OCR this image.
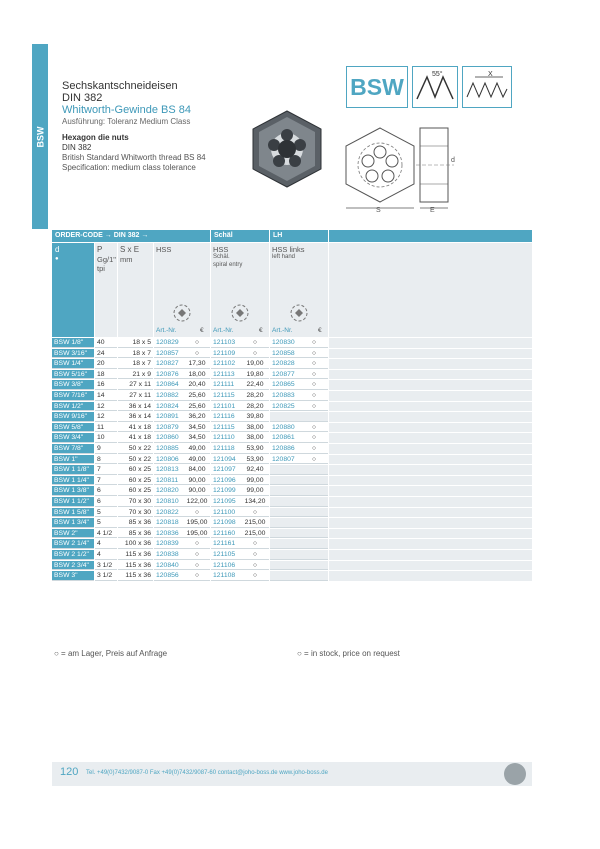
BSW
Sechskantschneideisen
DIN 382
Whitworth-Gewinde BS 84
Ausführung: Toleranz Medium Class
Hexagon die nuts
DIN 382
British Standard Whitworth thread BS 84
Specification: medium class tolerance
BSW	55°	X
S
d
E
ORDER-CODE → DIN 382 →	Schäl	LH
d
●
P
Gg/1"
tpi
S x E
mm
HSS
Art.-Nr.	€
HSS
Schäl.
spiral entry
Art.-Nr.	€
HSS links
left hand
Art.-Nr.	€
BSW 1/8"	40	18 x 5 120829	○	121103	○	120830	○
BSW 3/16"	24	18 x 7 120857	○	121109	○	120858	○
BSW 1/4"	20	18 x 7 120827	17,30	121102	19,00	120828	○
BSW 5/16"	18	21 x 9 120876	18,00	121113	19,80	120877	○
BSW 3/8"	16	27 x 11 120864	20,40	121111	22,40	120865	○
BSW 7/16"	14	27 x 11 120882	25,60	121115	28,20	120883	○
BSW 1/2"	12	36 x 14 120824	25,60	121101	28,20	120825	○
BSW 9/16"	12	36 x 14 120891	36,20	121116	39,80
BSW 5/8"	11	41 x 18 120879	34,50	121115	38,00	120880	○
BSW 3/4"	10	41 x 18 120860	34,50	121110	38,00	120861	○
BSW 7/8"	9	50 x 22 120885	49,00	121118	53,90	120886	○
BSW 1"	8	50 x 22 120806	49,00	121094	53,90	120807	○
BSW 1 1/8"	7	60 x 25 120813	84,00	121097	92,40
BSW 1 1/4"	7	60 x 25 120811	90,00	121096	99,00
BSW 1 3/8"	6	60 x 25 120820	90,00	121099	99,00
BSW 1 1/2"	6	70 x 30 120810	122,00 121095	134,20
BSW 1 5/8"	5	70 x 30 120822	○	121100	○
BSW 1 3/4"	5	85 x 36 120818	195,00 121098	215,00
BSW 2"	4 1/2	85 x 36 120836	195,00 121160	215,00
BSW 2 1/4"	4	100 x 36 120839	○	121161	○
BSW 2 1/2"	4	115 x 36 120838	○	121105	○
BSW 2 3/4"	3 1/2	115 x 36 120840	○	121106	○
BSW 3"	3 1/2	115 x 36 120856	○	121108	○
○ = am Lager, Preis auf Anfrage	○ = in stock, price on request
120 Tel. +49(0)7432/9087-0 Fax +49(0)7432/9087-60 contact@joho-boss.de www.joho-boss.de
